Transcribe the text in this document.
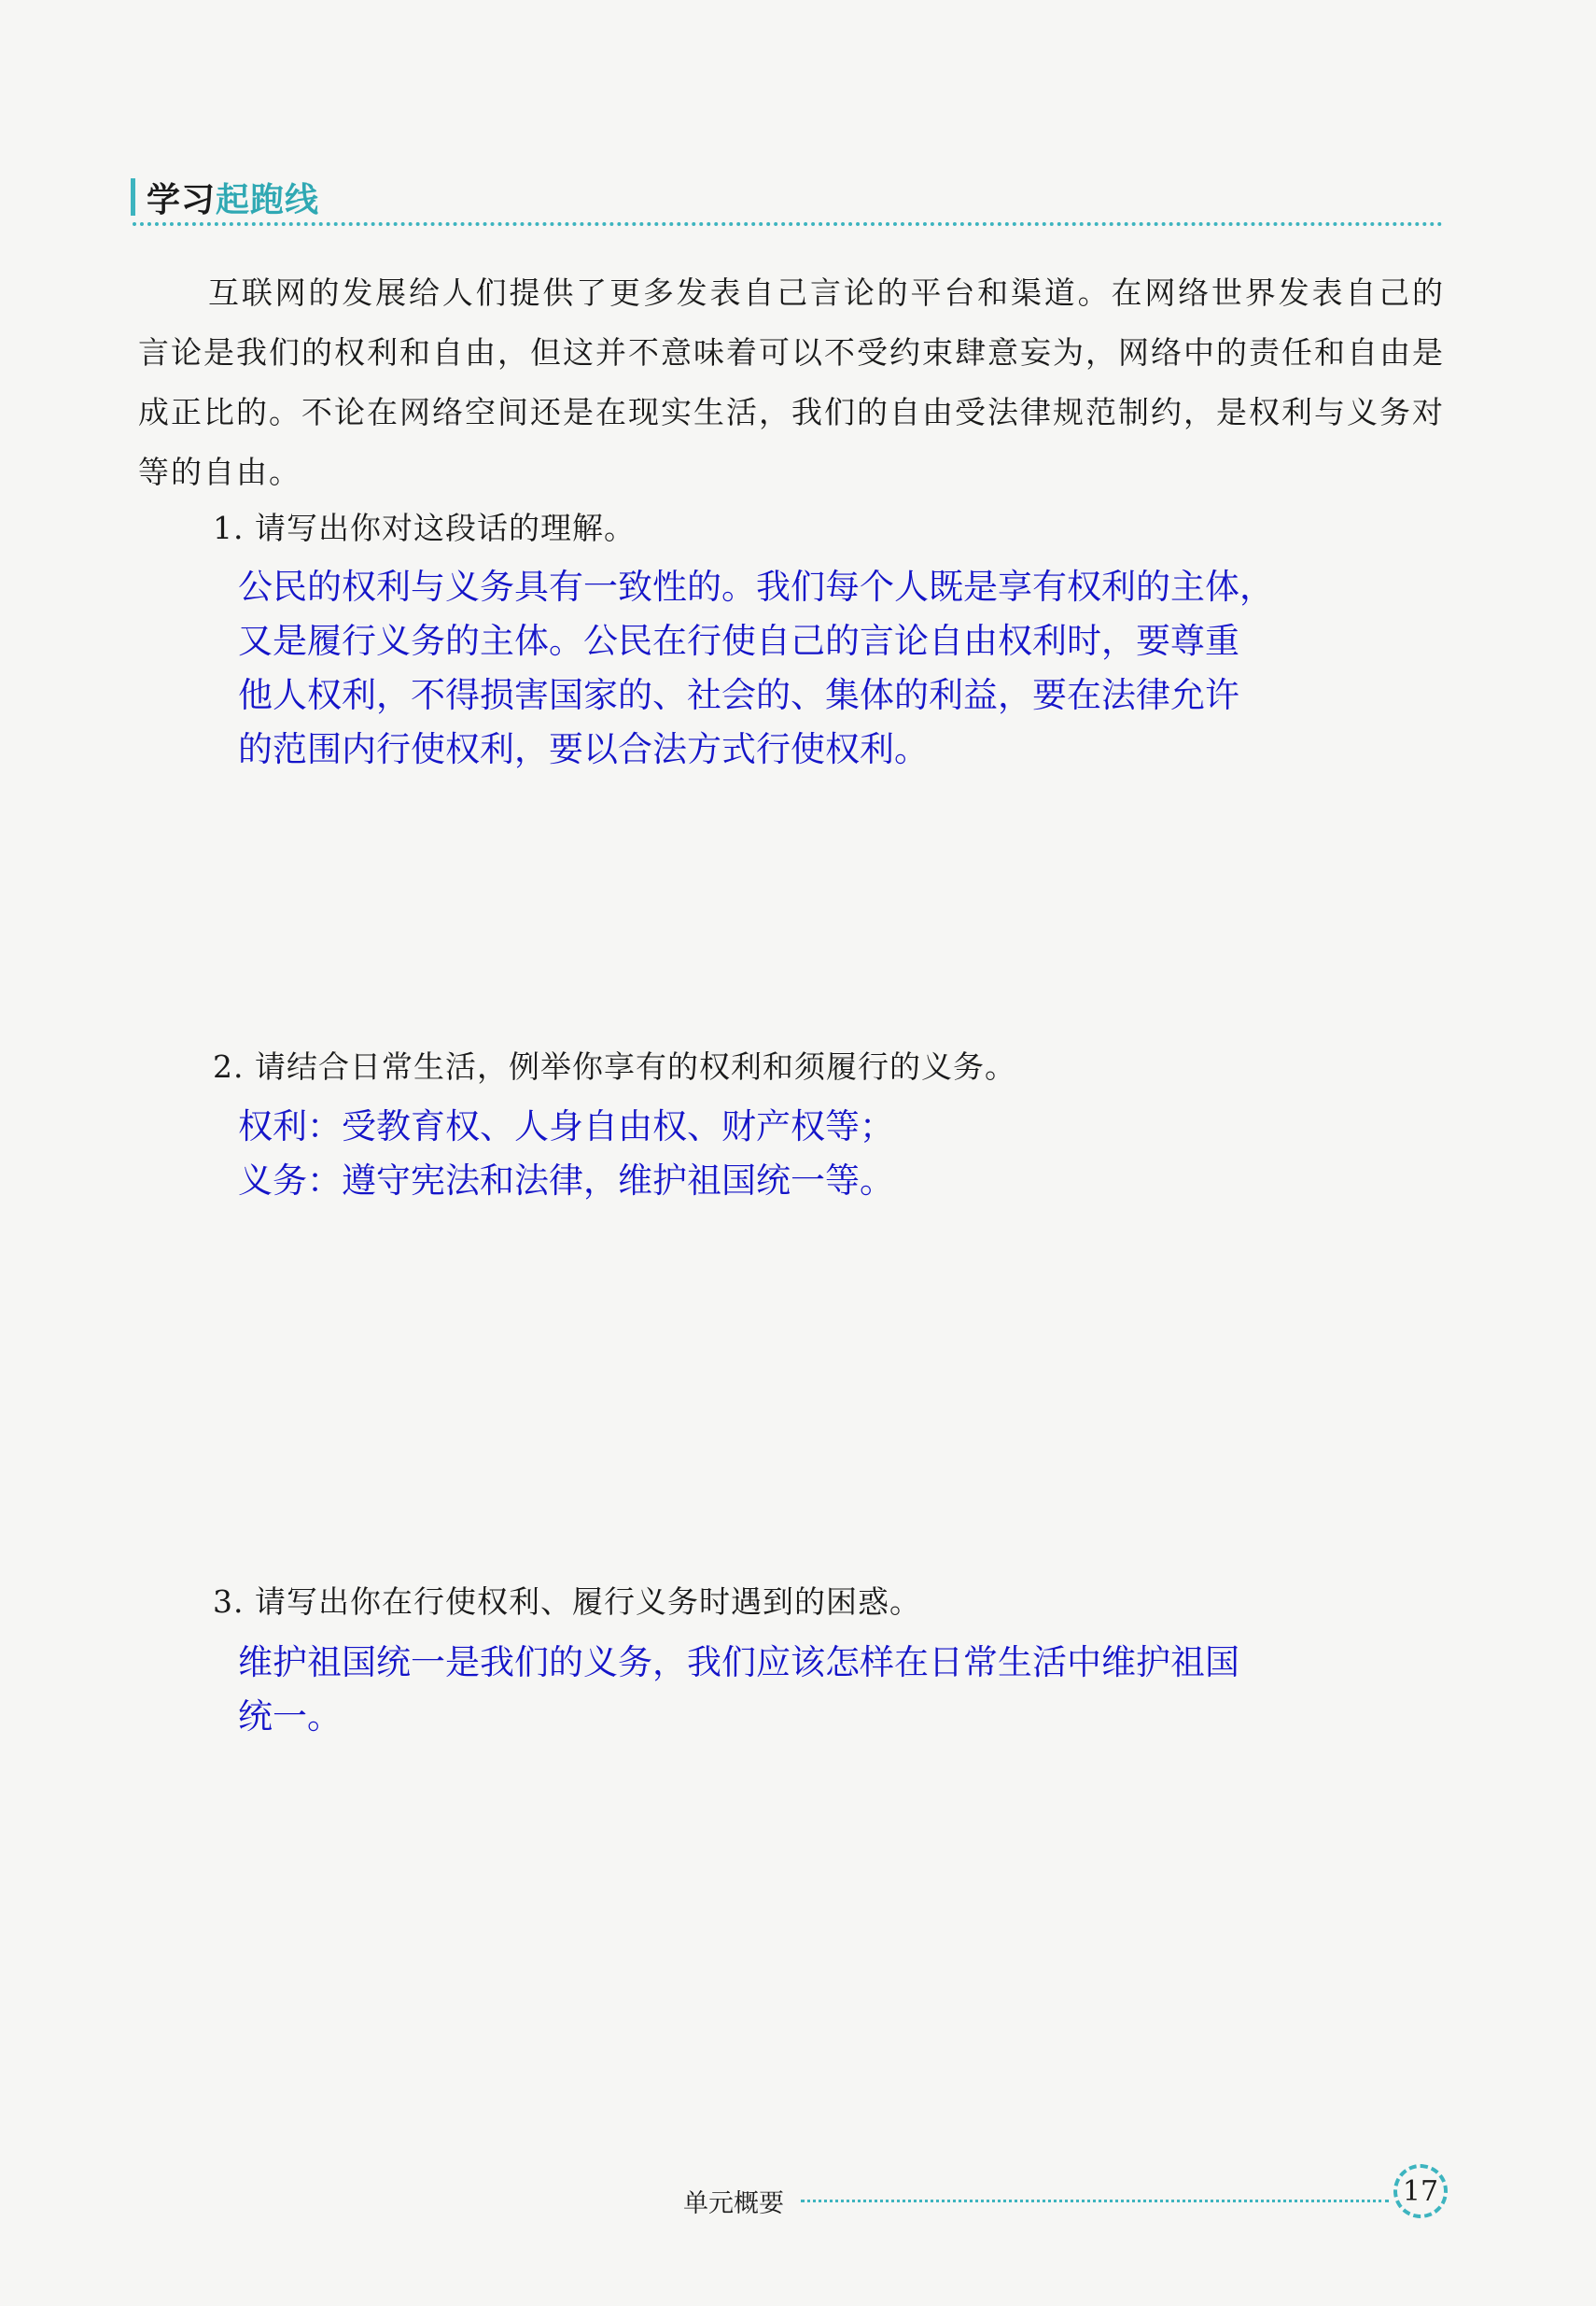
学习起跑线
互联网的发展给人们提供了更多发表自己言论的平台和渠道。在网络世界发表自己的言论是我们的权利和自由，但这并不意味着可以不受约束肆意妄为，网络中的责任和自由是成正比的。不论在网络空间还是在现实生活，我们的自由受法律规范制约，是权利与义务对等的自由。
1. 请写出你对这段话的理解。

公民的权利与义务具有一致性的。我们每个人既是享有权利的主体，

又是履行义务的主体。公民在行使自己的言论自由权利时，要尊重

他人权利，不得损害国家的、社会的、集体的利益，要在法律允许

的范围内行使权利，要以合法方式行使权利。

2. 请结合日常生活，例举你享有的权利和须履行的义务。

权利：受教育权、人身自由权、财产权等；

义务：遵守宪法和法律，维护祖国统一等。

3. 请写出你在行使权利、履行义务时遇到的困惑。

维护祖国统一是我们的义务，我们应该怎样在日常生活中维护祖国

统一。

单元概要	17
